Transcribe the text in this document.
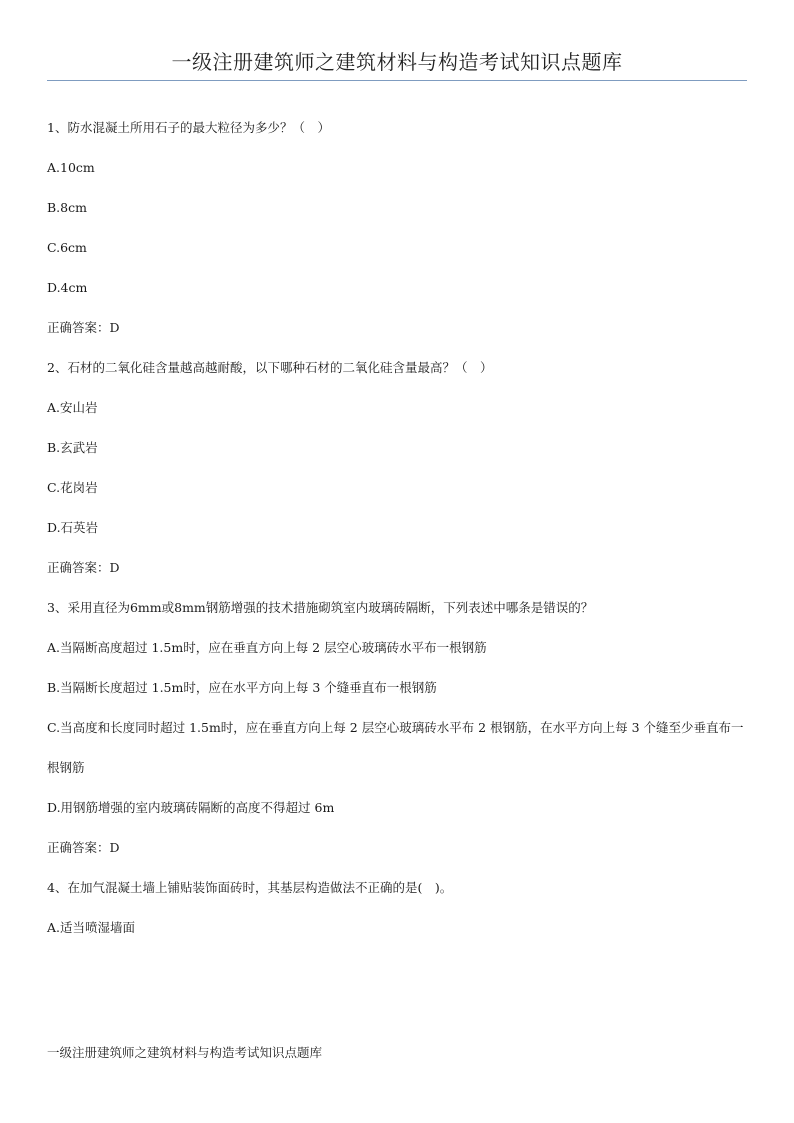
一级注册建筑师之建筑材料与构造考试知识点题库

1、防水混凝土所用石子的最大粒径为多少？（　）

A.10cm

B.8cm

C.6cm

D.4cm

正确答案：D

2、石材的二氧化硅含量越高越耐酸，以下哪种石材的二氧化硅含量最高？（　）

A.安山岩

B.玄武岩

C.花岗岩

D.石英岩

正确答案：D

3、采用直径为6mm或8mm钢筋增强的技术措施砌筑室内玻璃砖隔断，下列表述中哪条是错误的？

A.当隔断高度超过 1.5m时，应在垂直方向上每 2 层空心玻璃砖水平布一根钢筋

B.当隔断长度超过 1.5m时，应在水平方向上每 3 个缝垂直布一根钢筋

C.当高度和长度同时超过 1.5m时，应在垂直方向上每 2 层空心玻璃砖水平布 2 根钢筋，在水平方向上每 3 个缝至少垂直布一根钢筋

D.用钢筋增强的室内玻璃砖隔断的高度不得超过 6m

正确答案：D

4、在加气混凝土墙上铺贴装饰面砖时，其基层构造做法不正确的是(　)。

A.适当喷湿墙面

一级注册建筑师之建筑材料与构造考试知识点题库
